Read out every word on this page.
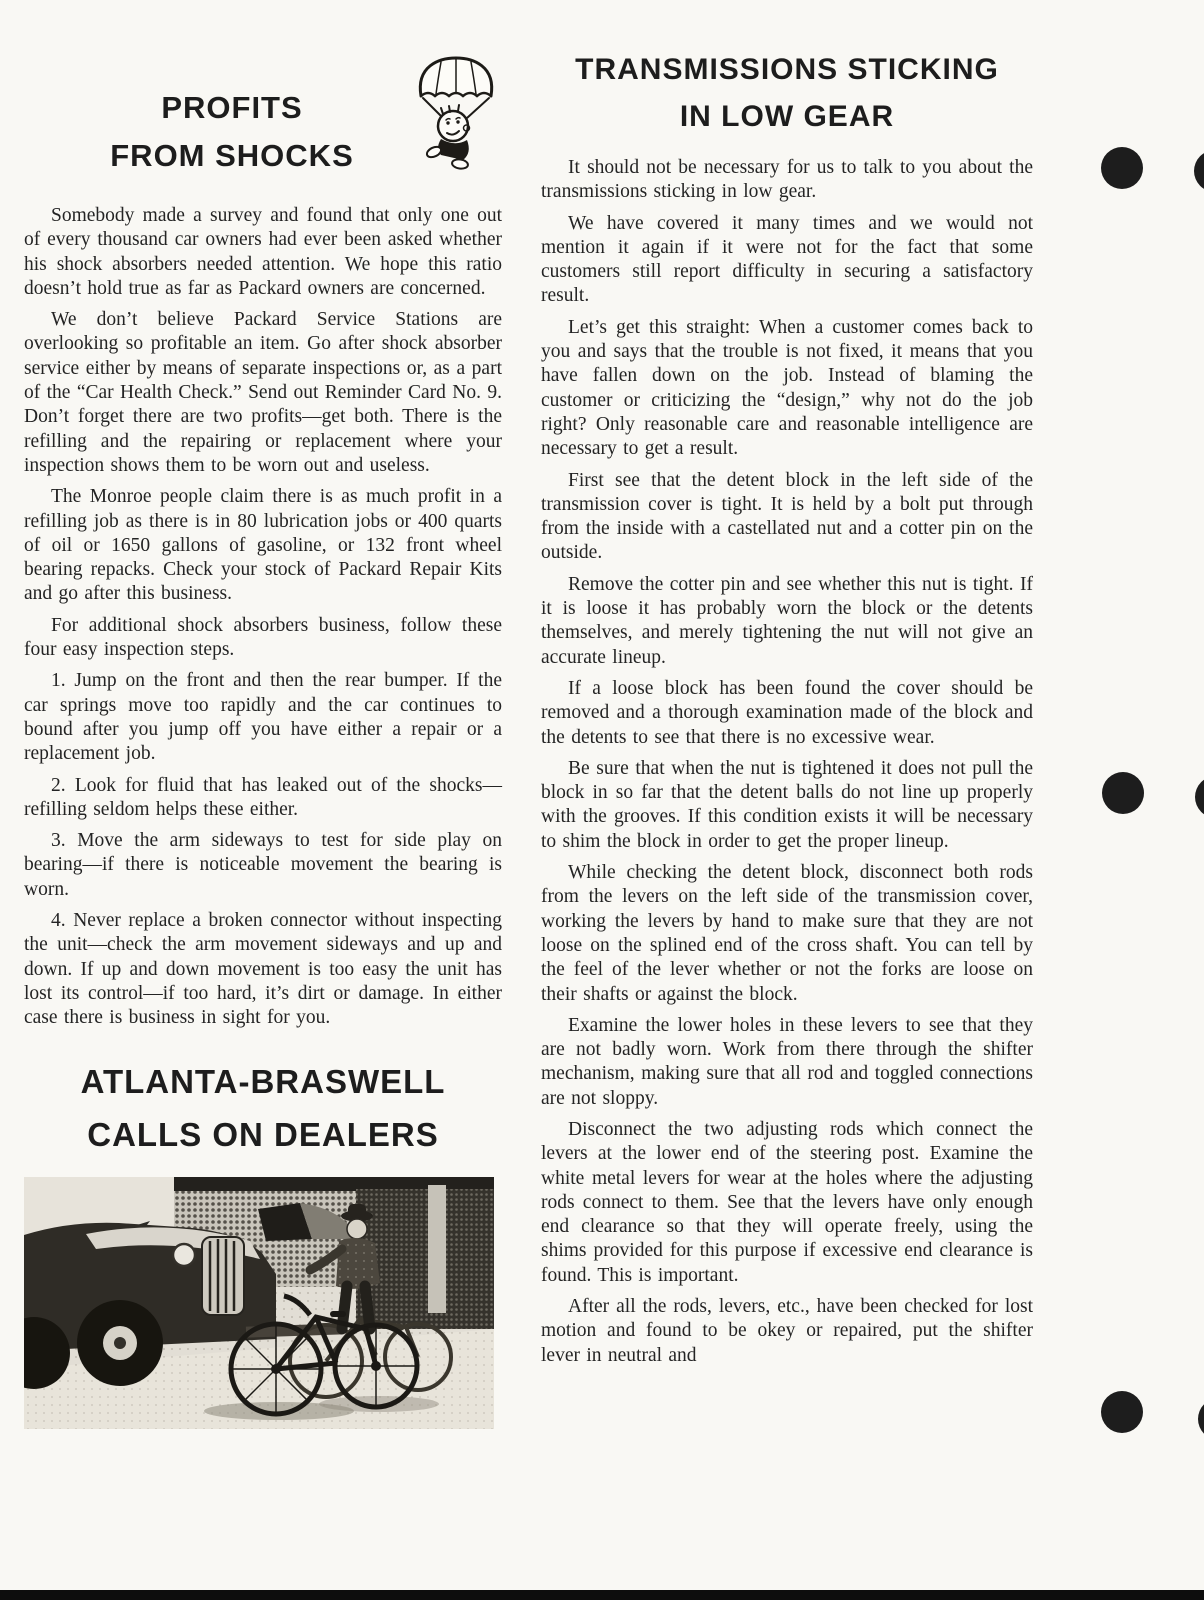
PROFITS
FROM SHOCKS

Somebody made a survey and found that only one out of every thousand car owners had ever been asked whether his shock absorbers needed attention. We hope this ratio doesn’t hold true as far as Packard owners are concerned.

We don’t believe Packard Service Stations are overlooking so profitable an item. Go after shock absorber service either by means of separate inspections or, as a part of the “Car Health Check.” Send out Reminder Card No. 9. Don’t forget there are two profits—get both. There is the refilling and the repairing or replacement where your inspection shows them to be worn out and useless.

The Monroe people claim there is as much profit in a refilling job as there is in 80 lubrication jobs or 400 quarts of oil or 1650 gallons of gasoline, or 132 front wheel bearing repacks. Check your stock of Packard Repair Kits and go after this business.

For additional shock absorbers business, follow these four easy inspection steps.

1. Jump on the front and then the rear bumper. If the car springs move too rapidly and the car continues to bound after you jump off you have either a repair or a replacement job.

2. Look for fluid that has leaked out of the shocks—refilling seldom helps these either.

3. Move the arm sideways to test for side play on bearing—if there is noticeable movement the bearing is worn.

4. Never replace a broken connector without inspecting the unit—check the arm movement sideways and up and down. If up and down movement is too easy the unit has lost its control—if too hard, it’s dirt or damage. In either case there is business in sight for you.

ATLANTA-BRASWELL
CALLS ON DEALERS
TRANSMISSIONS STICKING
IN LOW GEAR

It should not be necessary for us to talk to you about the transmissions sticking in low gear.

We have covered it many times and we would not mention it again if it were not for the fact that some customers still report difficulty in securing a satisfactory result.

Let’s get this straight: When a customer comes back to you and says that the trouble is not fixed, it means that you have fallen down on the job. Instead of blaming the customer or criticizing the “design,” why not do the job right? Only reasonable care and reasonable intelligence are necessary to get a result.

First see that the detent block in the left side of the transmission cover is tight. It is held by a bolt put through from the inside with a castellated nut and a cotter pin on the outside.

Remove the cotter pin and see whether this nut is tight. If it is loose it has probably worn the block or the detents themselves, and merely tightening the nut will not give an accurate lineup.

If a loose block has been found the cover should be removed and a thorough examination made of the block and the detents to see that there is no excessive wear.

Be sure that when the nut is tightened it does not pull the block in so far that the detent balls do not line up properly with the grooves. If this condition exists it will be necessary to shim the block in order to get the proper lineup.

While checking the detent block, disconnect both rods from the levers on the left side of the transmission cover, working the levers by hand to make sure that they are not loose on the splined end of the cross shaft. You can tell by the feel of the lever whether or not the forks are loose on their shafts or against the block.

Examine the lower holes in these levers to see that they are not badly worn. Work from there through the shifter mechanism, making sure that all rod and toggled connections are not sloppy.

Disconnect the two adjusting rods which connect the levers at the lower end of the steering post. Examine the white metal levers for wear at the holes where the adjusting rods connect to them. See that the levers have only enough end clearance so that they will operate freely, using the shims provided for this purpose if excessive end clearance is found. This is important.

After all the rods, levers, etc., have been checked for lost motion and found to be okey or repaired, put the shifter lever in neutral and
